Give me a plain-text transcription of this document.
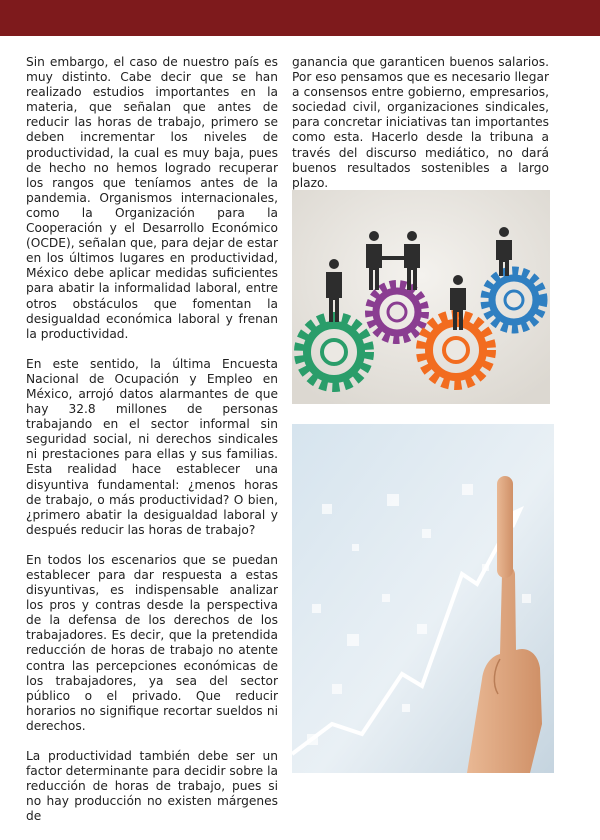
Sin embargo, el caso de nuestro país es muy distinto. Cabe decir que se han realizado estudios importantes en la materia, que señalan que antes de reducir las horas de trabajo, primero se deben incrementar los niveles de productividad, la cual es muy baja, pues de hecho no hemos logrado recuperar los rangos que teníamos antes de la pandemia. Organismos internacionales, como la Organización para la Cooperación y el Desarrollo Económico (OCDE), señalan que, para dejar de estar en los últimos lugares en productividad, México debe aplicar medidas suficientes para abatir la informalidad laboral, entre otros obstáculos que fomentan la desigualdad económica laboral y frenan la productividad.

En este sentido, la última Encuesta Nacional de Ocupación y Empleo en México, arrojó datos alarmantes de que hay 32.8 millones de personas trabajando en el sector informal sin seguridad social, ni derechos sindicales ni prestaciones para ellas y sus familias. Esta realidad hace establecer una disyuntiva fundamental: ¿menos horas de trabajo, o más productividad? O bien, ¿primero abatir la desigualdad laboral y después reducir las horas de trabajo?

En todos los escenarios que se puedan establecer para dar respuesta a estas disyuntivas, es indispensable analizar los pros y contras desde la perspectiva de la defensa de los derechos de los trabajadores. Es decir, que la pretendida reducción de horas de trabajo no atente contra las percepciones económicas de los trabajadores, ya sea del sector público o el privado. Que reducir horarios no signifique recortar sueldos ni derechos.

La productividad también debe ser un factor determinante para decidir sobre la reducción de horas de trabajo, pues si no hay producción no existen márgenes de

ganancia que garanticen buenos salarios. Por eso pensamos que es necesario llegar a consensos entre gobierno, empresarios, sociedad civil, organizaciones sindicales, para concretar iniciativas tan importantes como esta. Hacerlo desde la tribuna a través del discurso mediático, no dará buenos resultados sostenibles a largo plazo.
